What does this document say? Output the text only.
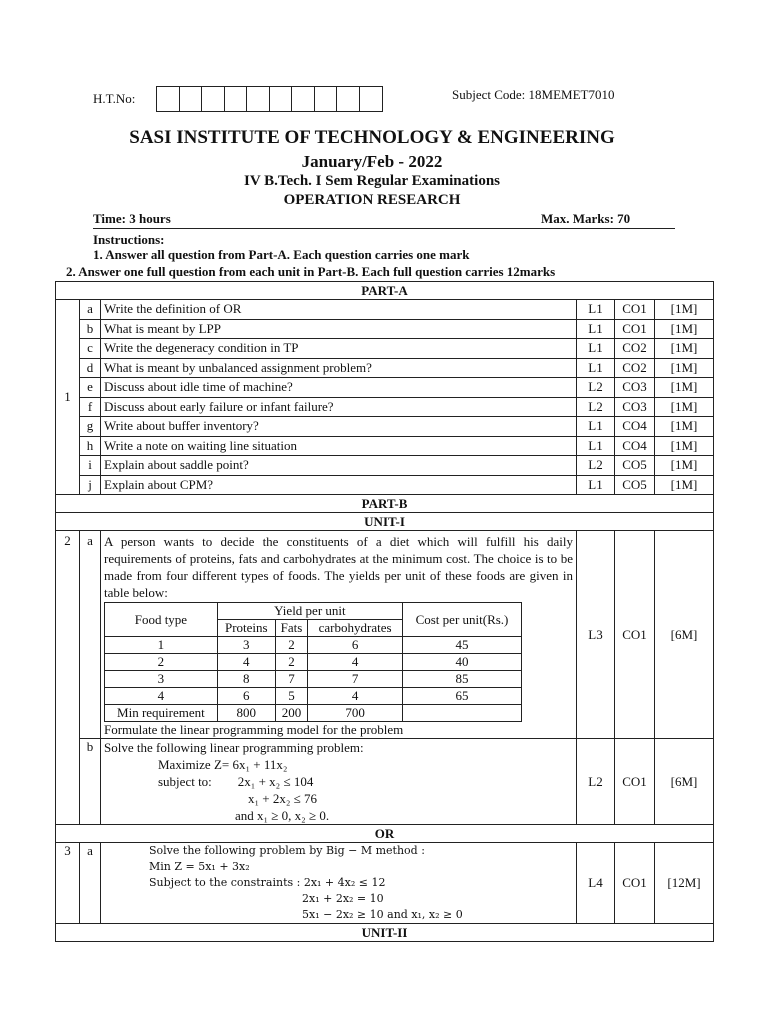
H.T.No:	Subject Code: 18MEMET7010
SASI INSTITUTE OF TECHNOLOGY & ENGINEERING
January/Feb - 2022
IV B.Tech. I Sem Regular Examinations
OPERATION RESEARCH
Time: 3 hours	Max. Marks: 70
Instructions:
1. Answer all question from Part-A. Each question carries one mark
2. Answer one full question from each unit in Part-B. Each full question carries 12marks
PART-A
1	a	Write the definition of OR	L1	CO1	[1M]
b	What is meant by LPP	L1	CO1	[1M]
c	Write the degeneracy condition in TP	L1	CO2	[1M]
d	What is meant by unbalanced assignment problem?	L1	CO2	[1M]
e	Discuss about idle time of machine?	L2	CO3	[1M]
f	Discuss about early failure or infant failure?	L2	CO3	[1M]
g	Write about buffer inventory?	L1	CO4	[1M]
h	Write a note on waiting line situation	L1	CO4	[1M]
i	Explain about saddle point?	L2	CO5	[1M]
j	Explain about CPM?	L1	CO5	[1M]
PART-B
UNIT-I
2	a	A person wants to decide the constituents of a diet which will fulfill his daily requirements of proteins, fats and carbohydrates at the minimum cost. The choice is to be made from four different types of foods. The yields per unit of these foods are given in table below:
Food type	Yield per unit	Cost per unit(Rs.)
Proteins	Fats	carbohydrates
1	3	2	6	45
2	4	2	4	40
3	8	7	7	85
4	6	5	4	65
Min requirement	800	200	700	
Formulate the linear programming model for the problem
	L3	CO1	[6M]
b	Solve the following linear programming problem:
Maximize Z= 6x₁ + 11x₂
subject to:        2x₁ + x₂ ≤ 104
x₁ + 2x₂ ≤ 76
and x₁ ≥ 0, x₂ ≥ 0.
	L2	CO1	[6M]
OR
3	a	Solve the following problem by Big − M method :
Min Z = 5x₁ + 3x₂
Subject to the constraints : 2x₁ + 4x₂ ≤ 12
2x₁ + 2x₂ = 10
5x₁ − 2x₂ ≥ 10 and x₁, x₂ ≥ 0
	L4	CO1	[12M]
UNIT-II
